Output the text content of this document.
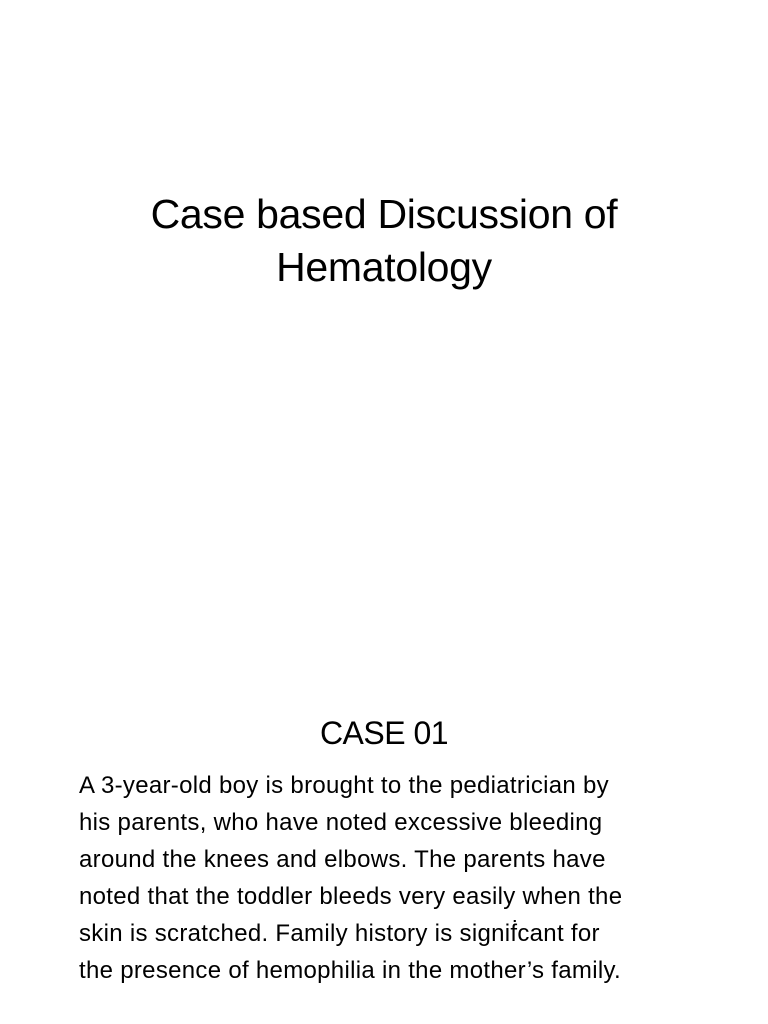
Case based Discussion of
Hematology
CASE 01

A 3-year-old boy is brought to the pediatrician by
his parents, who have noted excessive bleeding
around the knees and elbows. The parents have
noted that the toddler bleeds very easily when the
skin is scratched. Family history is signiḟcant for
the presence of hemophilia in the mother’s family.
